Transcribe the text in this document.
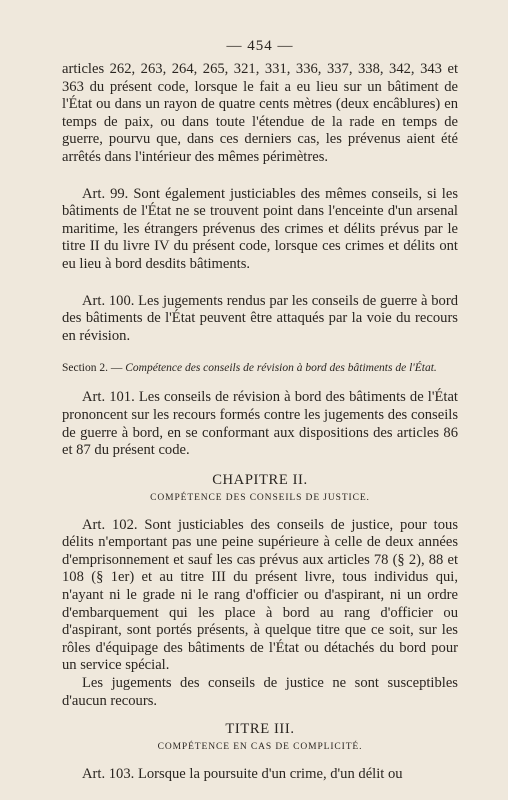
— 454 —

articles 262, 263, 264, 265, 321, 331, 336, 337, 338, 342, 343 et 363 du présent code, lorsque le fait a eu lieu sur un bâtiment de l'État ou dans un rayon de quatre cents mètres (deux encâblures) en temps de paix, ou dans toute l'étendue de la rade en temps de guerre, pourvu que, dans ces derniers cas, les prévenus aient été arrêtés dans l'intérieur des mêmes périmètres.

Art. 99. Sont également justiciables des mêmes conseils, si les bâtiments de l'État ne se trouvent point dans l'enceinte d'un arsenal maritime, les étrangers prévenus des crimes et délits prévus par le titre II du livre IV du présent code, lorsque ces crimes et délits ont eu lieu à bord desdits bâtiments.

Art. 100. Les jugements rendus par les conseils de guerre à bord des bâtiments de l'État peuvent être attaqués par la voie du recours en révision.

Section 2. — Compétence des conseils de révision à bord des bâtiments de l'État.

Art. 101. Les conseils de révision à bord des bâtiments de l'État prononcent sur les recours formés contre les jugements des conseils de guerre à bord, en se conformant aux dispositions des articles 86 et 87 du présent code.

CHAPITRE II.
COMPÉTENCE DES CONSEILS DE JUSTICE.

Art. 102. Sont justiciables des conseils de justice, pour tous délits n'emportant pas une peine supérieure à celle de deux années d'emprisonnement et sauf les cas prévus aux articles 78 (§ 2), 88 et 108 (§ 1er) et au titre III du présent livre, tous individus qui, n'ayant ni le grade ni le rang d'officier ou d'aspirant, ni un ordre d'embarquement qui les place à bord au rang d'officier ou d'aspirant, sont portés présents, à quelque titre que ce soit, sur les rôles d'équipage des bâtiments de l'État ou détachés du bord pour un service spécial.

Les jugements des conseils de justice ne sont susceptibles d'aucun recours.

TITRE III.
COMPÉTENCE EN CAS DE COMPLICITÉ.

Art. 103. Lorsque la poursuite d'un crime, d'un délit ou
